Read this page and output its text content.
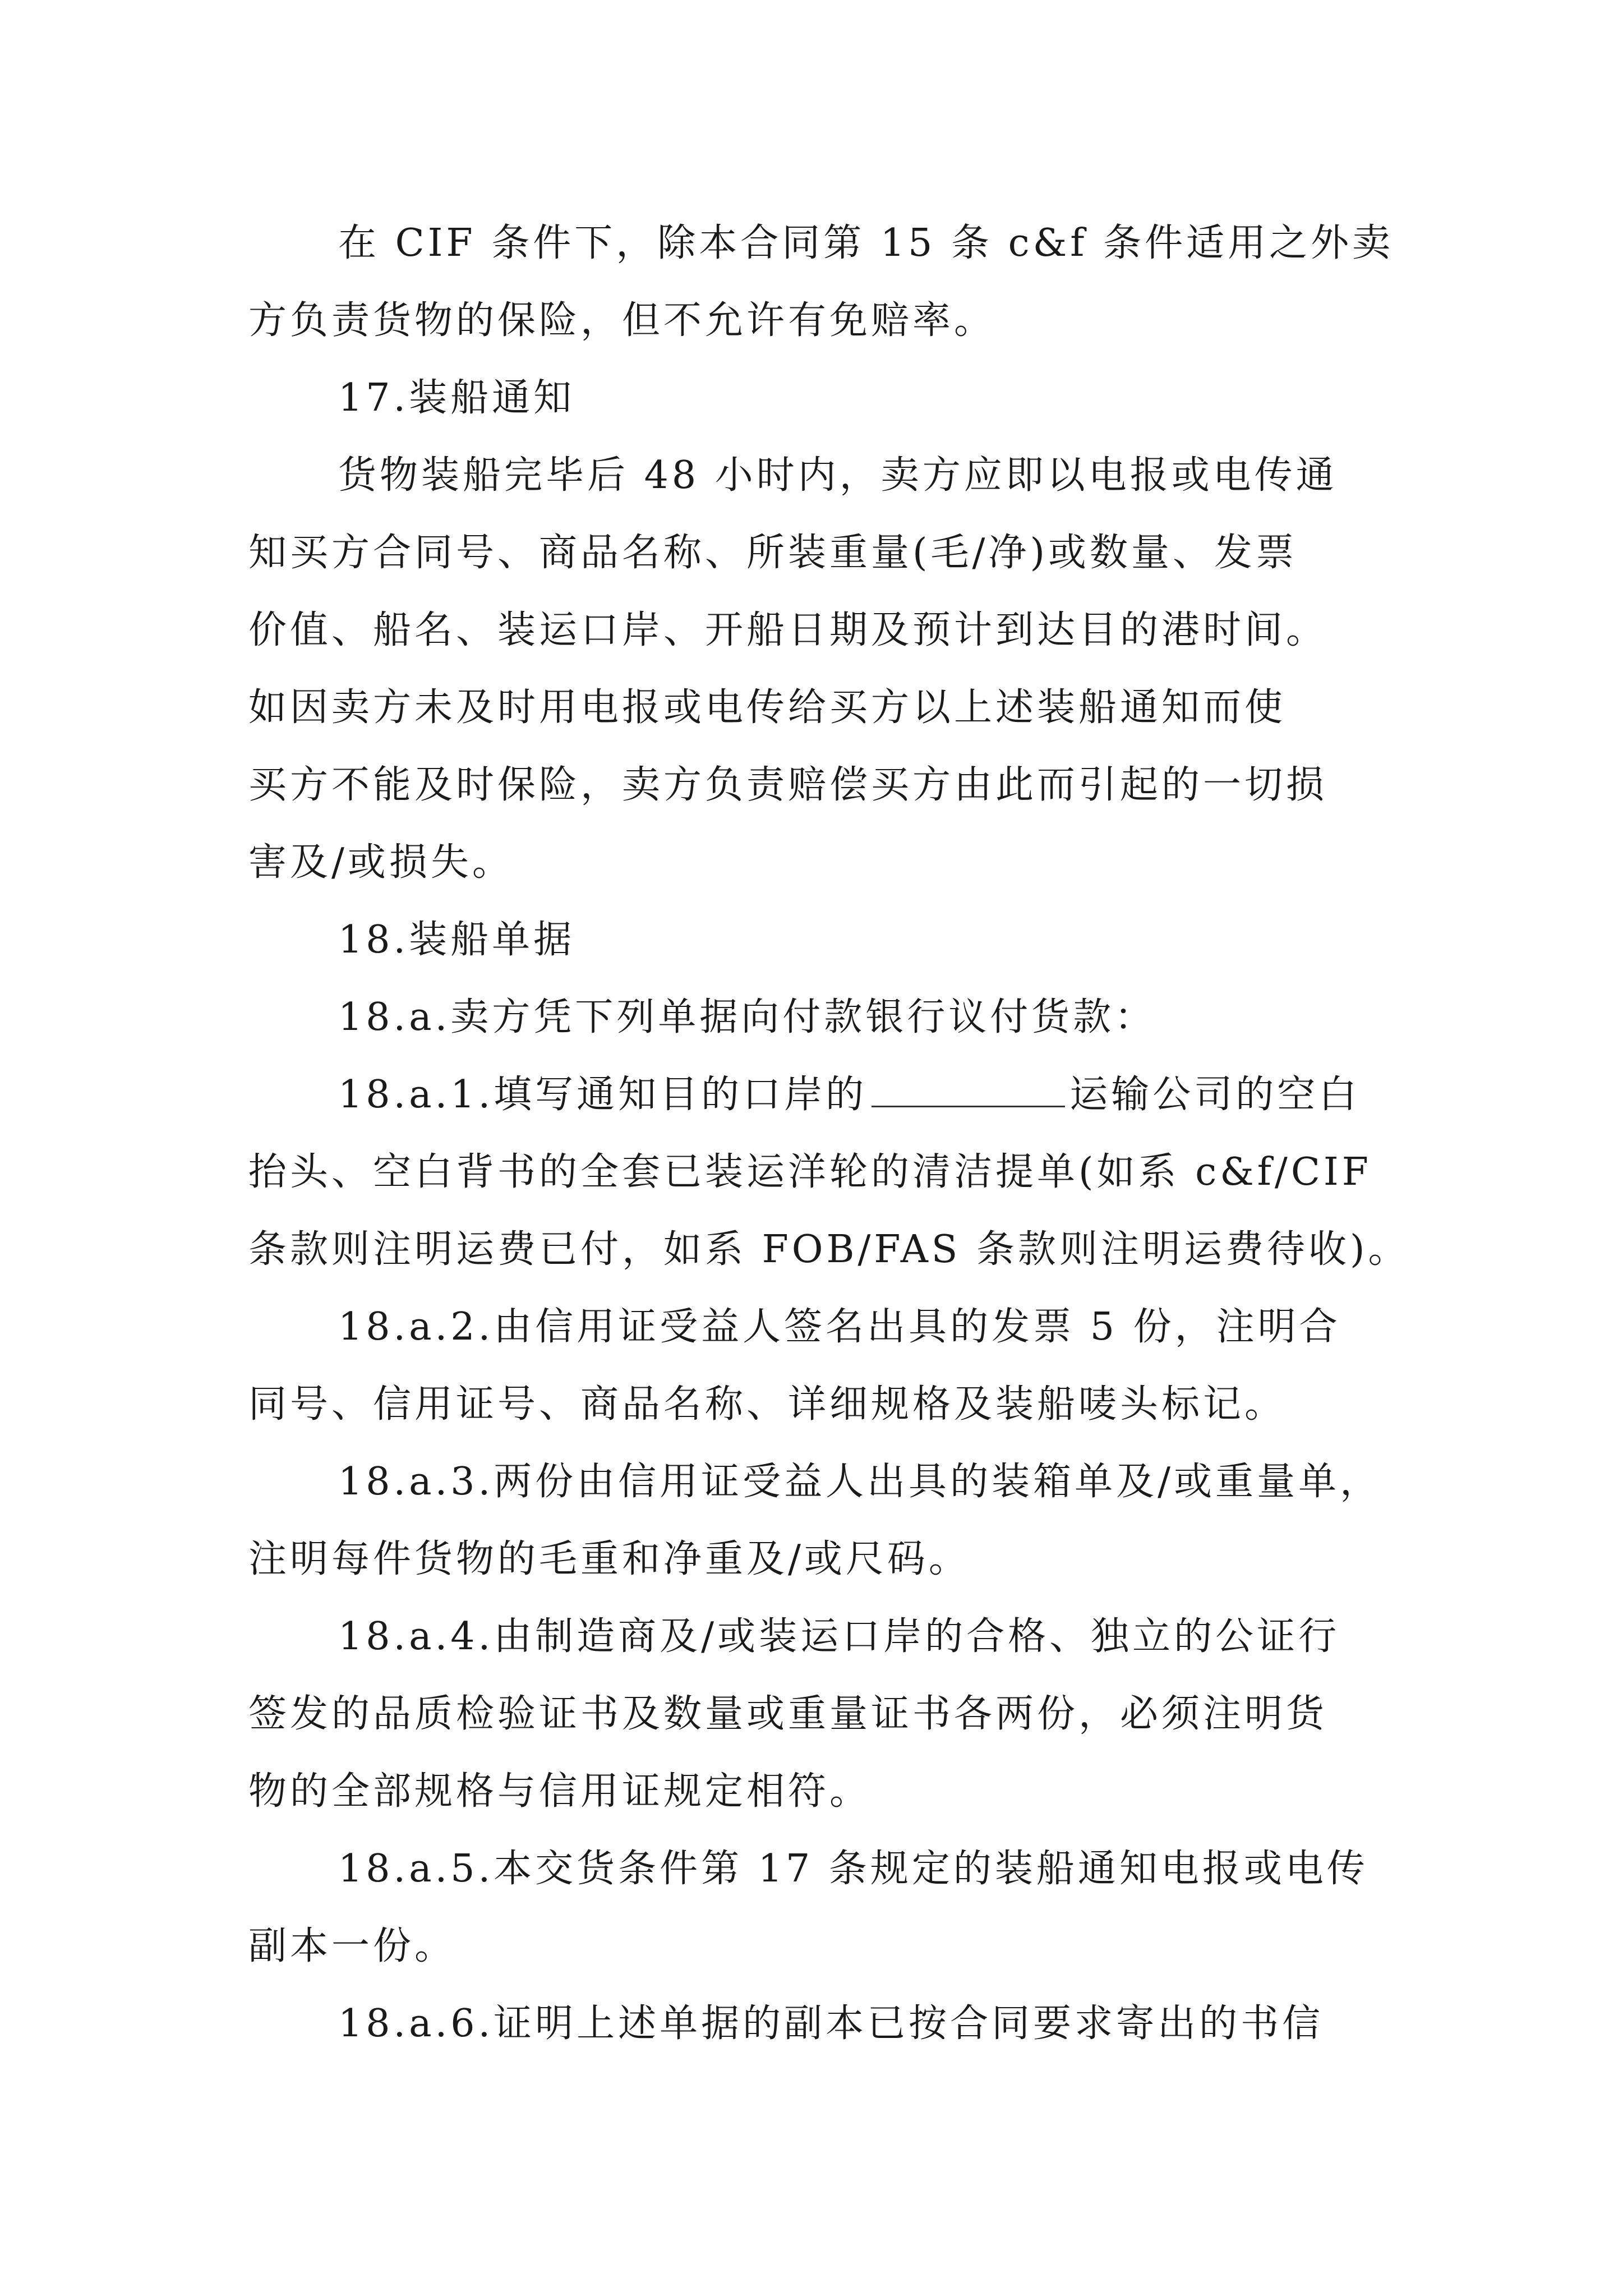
在 CIF 条件下，除本合同第 15 条 c&f 条件适用之外卖
方负责货物的保险，但不允许有免赔率。
17.装船通知
货物装船完毕后 48 小时内，卖方应即以电报或电传通
知买方合同号、商品名称、所装重量(毛/净)或数量、发票
价值、船名、装运口岸、开船日期及预计到达目的港时间。
如因卖方未及时用电报或电传给买方以上述装船通知而使
买方不能及时保险，卖方负责赔偿买方由此而引起的一切损
害及/或损失。
18.装船单据
18.a.卖方凭下列单据向付款银行议付货款：
18.a.1.填写通知目的口岸的	运输公司的空白
抬头、空白背书的全套已装运洋轮的清洁提单(如系 c&f/CIF
条款则注明运费已付，如系 FOB/FAS 条款则注明运费待收)。
18.a.2.由信用证受益人签名出具的发票 5 份，注明合
同号、信用证号、商品名称、详细规格及装船唛头标记。
18.a.3.两份由信用证受益人出具的装箱单及/或重量单，
注明每件货物的毛重和净重及/或尺码。
18.a.4.由制造商及/或装运口岸的合格、独立的公证行
签发的品质检验证书及数量或重量证书各两份，必须注明货
物的全部规格与信用证规定相符。
18.a.5.本交货条件第 17 条规定的装船通知电报或电传
副本一份。
18.a.6.证明上述单据的副本已按合同要求寄出的书信
